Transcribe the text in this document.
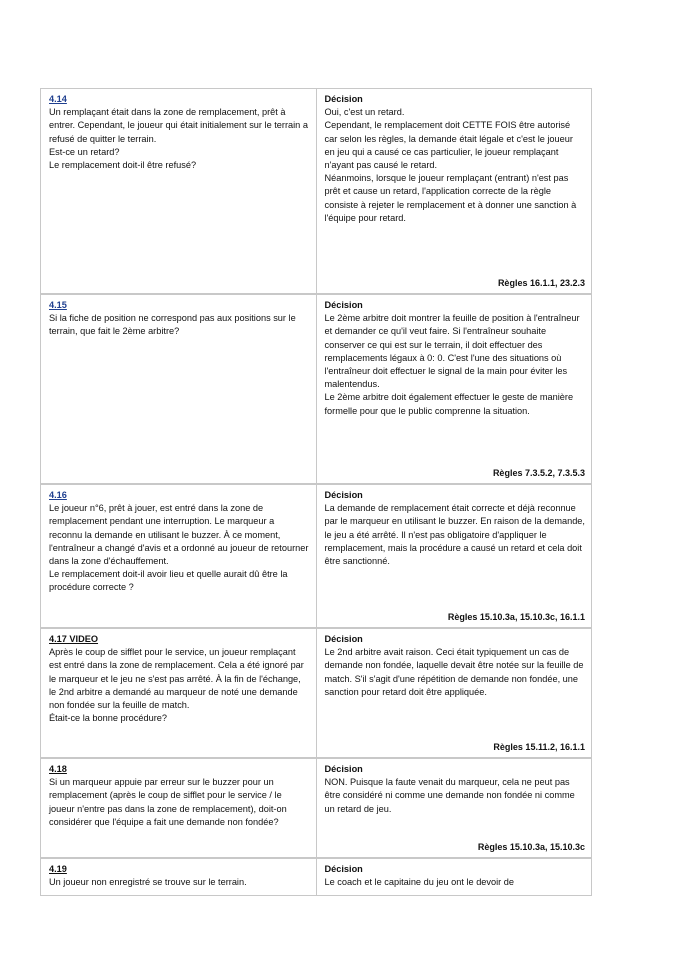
4.14

Un remplaçant était dans la zone de remplacement, prêt à entrer. Cependant, le joueur qui était initialement sur le terrain a refusé de quitter le terrain.

Est-ce un retard?

Le remplacement doit-il être refusé?

Décision

Oui, c'est un retard.

Cependant, le remplacement doit CETTE FOIS être autorisé car selon les règles, la demande était légale et c'est le joueur en jeu qui a causé ce cas particulier, le joueur remplaçant n'ayant pas causé le retard.

Néanmoins, lorsque le joueur remplaçant (entrant) n'est pas prêt et cause un retard, l'application correcte de la règle consiste à rejeter le remplacement et à donner une sanction à l'équipe pour retard.

Règles 16.1.1, 23.2.3
4.15

Si la fiche de position ne correspond pas aux positions sur le terrain, que fait le 2ème arbitre?

Décision

Le 2ème arbitre doit montrer la feuille de position à l'entraîneur et demander ce qu'il veut faire. Si l'entraîneur souhaite conserver ce qui est sur le terrain, il doit effectuer des remplacements légaux à 0: 0. C'est l'une des situations où l'entraîneur doit effectuer le signal de la main pour éviter les malentendus.

Le 2ème arbitre doit également effectuer le geste de manière formelle pour que le public comprenne la situation.

Règles 7.3.5.2, 7.3.5.3
4.16

Le joueur n°6, prêt à jouer, est entré dans la zone de remplacement pendant une interruption. Le marqueur a reconnu la demande en utilisant le buzzer. À ce moment, l'entraîneur a changé d'avis et a ordonné au joueur de retourner dans la zone d'échauffement.

Le remplacement doit-il avoir lieu et quelle aurait dû être la procédure correcte ?

Décision

La demande de remplacement était correcte et déjà reconnue par le marqueur en utilisant le buzzer. En raison de la demande, le jeu a été arrêté. Il n'est pas obligatoire d'appliquer le remplacement, mais la procédure a causé un retard et cela doit être sanctionné.

Règles 15.10.3a, 15.10.3c, 16.1.1
4.17 VIDEO

Après le coup de sifflet pour le service, un joueur remplaçant est entré dans la zone de remplacement. Cela a été ignoré par le marqueur et le jeu ne s'est pas arrêté. À la fin de l'échange, le 2nd arbitre a demandé au marqueur de noté une demande non fondée sur la feuille de match.

Était-ce la bonne procédure?

Décision

Le 2nd arbitre avait raison. Ceci était typiquement un cas de demande non fondée, laquelle devait être notée sur la feuille de match. S'il s'agit d'une répétition de demande non fondée, une sanction pour retard doit être appliquée.

Règles 15.11.2, 16.1.1
4.18

Si un marqueur appuie par erreur sur le buzzer pour un remplacement (après le coup de sifflet pour le service / le joueur n'entre pas dans la zone de remplacement), doit-on considérer que l'équipe a fait une demande non fondée?

Décision

NON. Puisque la faute venait du marqueur, cela ne peut pas être considéré ni comme une demande non fondée ni comme un retard de jeu.

Règles 15.10.3a, 15.10.3c
4.19

Un joueur non enregistré se trouve sur le terrain.

Décision

Le coach et le capitaine du jeu ont le devoir de
